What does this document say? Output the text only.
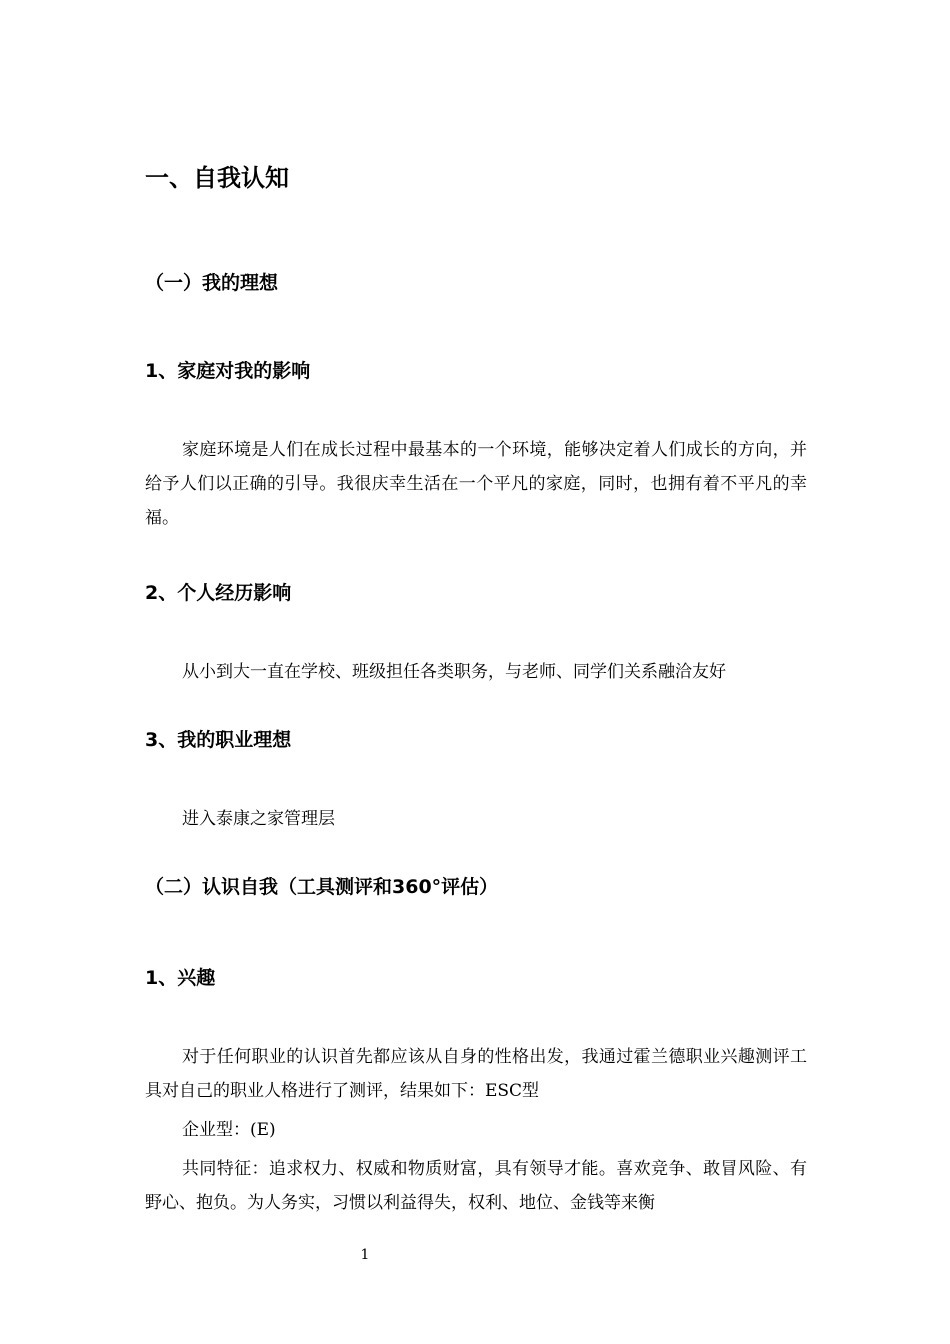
一、自我认知
（一）我的理想
1、家庭对我的影响
家庭环境是人们在成长过程中最基本的一个环境，能够决定着人们成长的方向，并给予人们以正确的引导。我很庆幸生活在一个平凡的家庭，同时，也拥有着不平凡的幸福。
2、个人经历影响
从小到大一直在学校、班级担任各类职务，与老师、同学们关系融洽友好
3、我的职业理想
进入泰康之家管理层
（二）认识自我（工具测评和360°评估）
1、兴趣
对于任何职业的认识首先都应该从自身的性格出发，我通过霍兰德职业兴趣测评工具对自己的职业人格进行了测评，结果如下：ESC型
企业型：(E)
共同特征：追求权力、权威和物质财富，具有领导才能。喜欢竞争、敢冒风险、有野心、抱负。为人务实，习惯以利益得失，权利、地位、金钱等来衡
1
